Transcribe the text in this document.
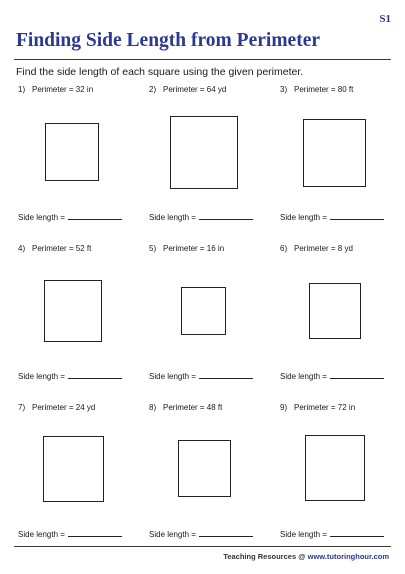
S1
Finding Side Length from Perimeter
Find the side length of each square using the given perimeter.
1) Perimeter = 32 in
Side length =
2) Perimeter = 64 yd
Side length =
3) Perimeter = 80 ft
Side length =
4) Perimeter = 52 ft
Side length =
5) Perimeter = 16 in
Side length =
6) Perimeter = 8 yd
Side length =
7) Perimeter = 24 yd
Side length =
8) Perimeter = 48 ft
Side length =
9) Perimeter = 72 in
Side length =
Teaching Resources @ www.tutoringhour.com
